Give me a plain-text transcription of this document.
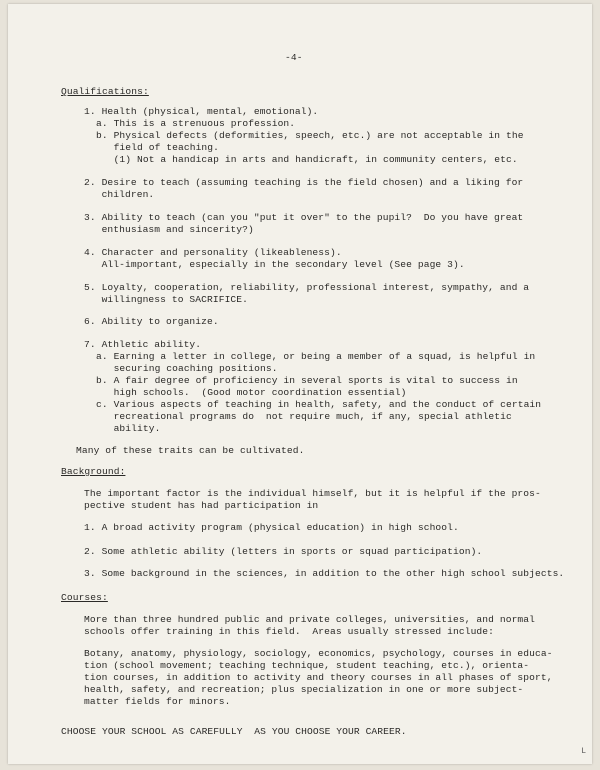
-4-
Qualifications:
1. Health (physical, mental, emotional).
a. This is a strenuous profession.
b. Physical defects (deformities, speech, etc.) are not acceptable in the
field of teaching.
(1) Not a handicap in arts and handicraft, in community centers, etc.
2. Desire to teach (assuming teaching is the field chosen) and a liking for
children.
3. Ability to teach (can you "put it over" to the pupil?  Do you have great
enthusiasm and sincerity?)
4. Character and personality (likeableness).
All-important, especially in the secondary level (See page 3).
5. Loyalty, cooperation, reliability, professional interest, sympathy, and a
willingness to SACRIFICE.
6. Ability to organize.
7. Athletic ability.
a. Earning a letter in college, or being a member of a squad, is helpful in
securing coaching positions.
b. A fair degree of proficiency in several sports is vital to success in
high schools.  (Good motor coordination essential)
c. Various aspects of teaching in health, safety, and the conduct of certain
recreational programs do  not require much, if any, special athletic
ability.
Many of these traits can be cultivated.
Background:
The important factor is the individual himself, but it is helpful if the pros-
pective student has had participation in
1. A broad activity program (physical education) in high school.
2. Some athletic ability (letters in sports or squad participation).
3. Some background in the sciences, in addition to the other high school subjects.
Courses:
More than three hundred public and private colleges, universities, and normal
schools offer training in this field.  Areas usually stressed include:
Botany, anatomy, physiology, sociology, economics, psychology, courses in educa-
tion (school movement; teaching technique, student teaching, etc.), orienta-
tion courses, in addition to activity and theory courses in all phases of sport,
health, safety, and recreation; plus specialization in one or more subject-
matter fields for minors.
CHOOSE YOUR SCHOOL AS CAREFULLY  AS YOU CHOOSE YOUR CAREER.
L
